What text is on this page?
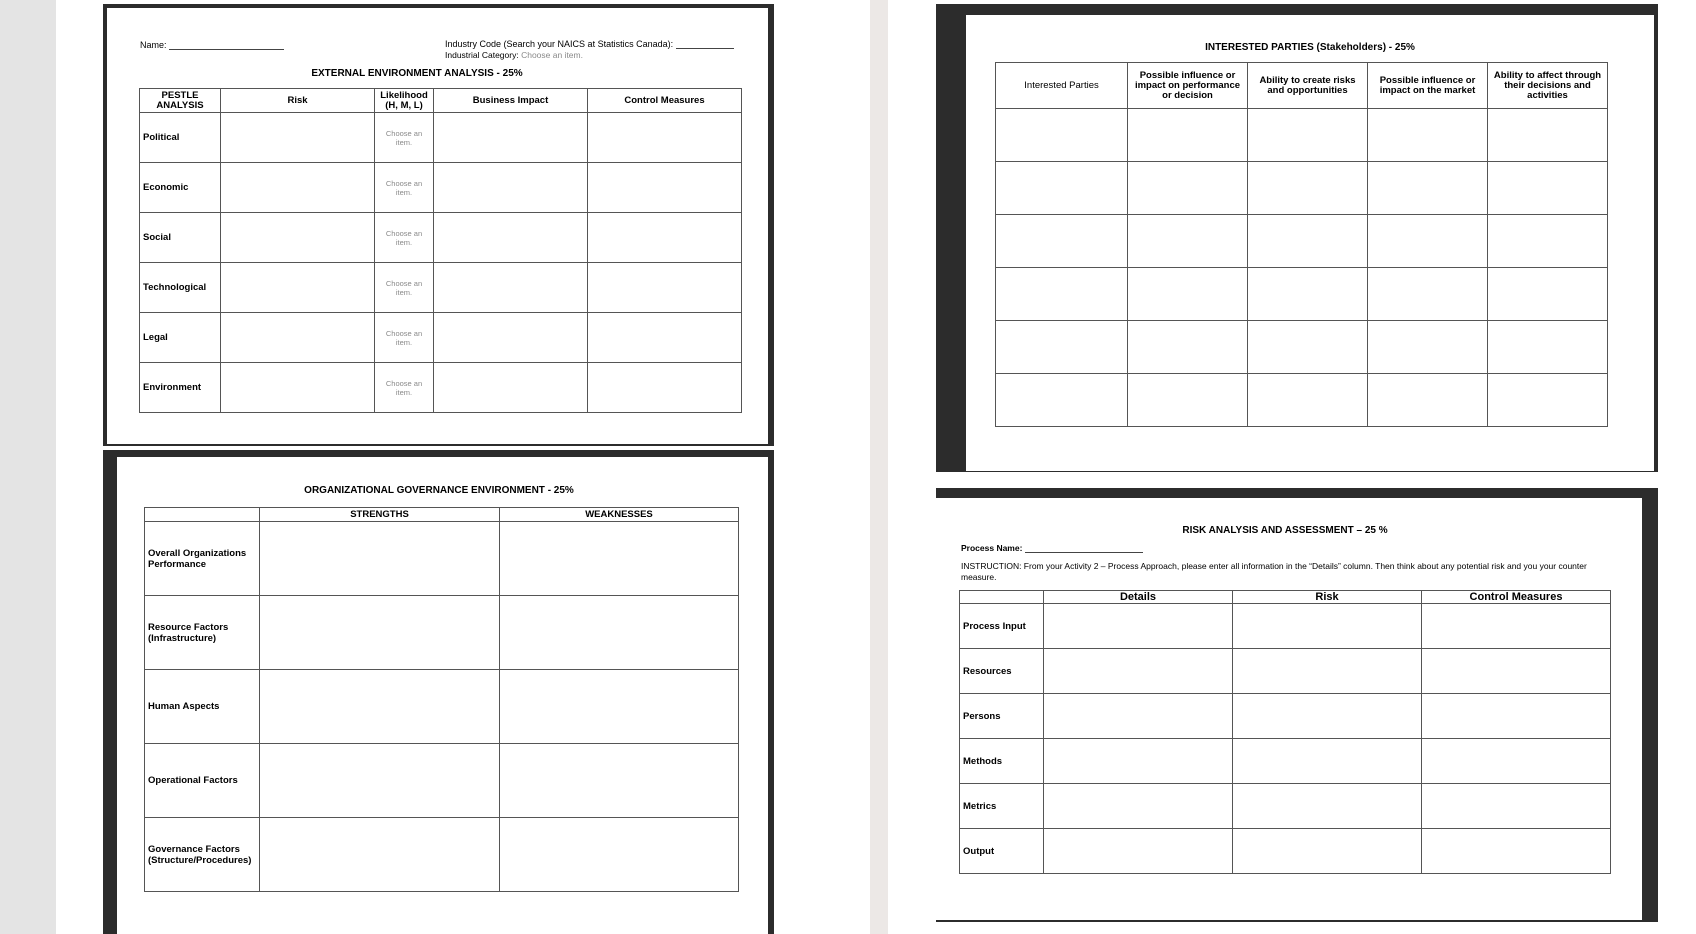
Name:	Industry Code (Search your NAICS at Statistics Canada):
Industrial Category: Choose an item.
EXTERNAL ENVIRONMENT ANALYSIS - 25%
PESTLE ANALYSIS	Risk	Likelihood (H, M, L)	Business Impact	Control Measures
Political		Choose an item.		
Economic		Choose an item.		
Social		Choose an item.		
Technological		Choose an item.		
Legal		Choose an item.		
Environment		Choose an item.		
ORGANIZATIONAL GOVERNANCE ENVIRONMENT - 25%
	STRENGTHS	WEAKNESSES
Overall Organizations Performance		
Resource Factors (Infrastructure)		
Human Aspects		
Operational Factors		
Governance Factors (Structure/Procedures)		
INTERESTED PARTIES (Stakeholders) - 25%
Interested Parties	Possible influence or impact on performance or decision	Ability to create risks and opportunities	Possible influence or impact on the market	Ability to affect through their decisions and activities

RISK ANALYSIS AND ASSESSMENT – 25 %
Process Name:
INSTRUCTION: From your Activity 2 – Process Approach, please enter all information in the “Details” column. Then think about any potential risk and you your counter measure.
	Details	Risk	Control Measures
Process Input			
Resources			
Persons			
Methods			
Metrics			
Output			
